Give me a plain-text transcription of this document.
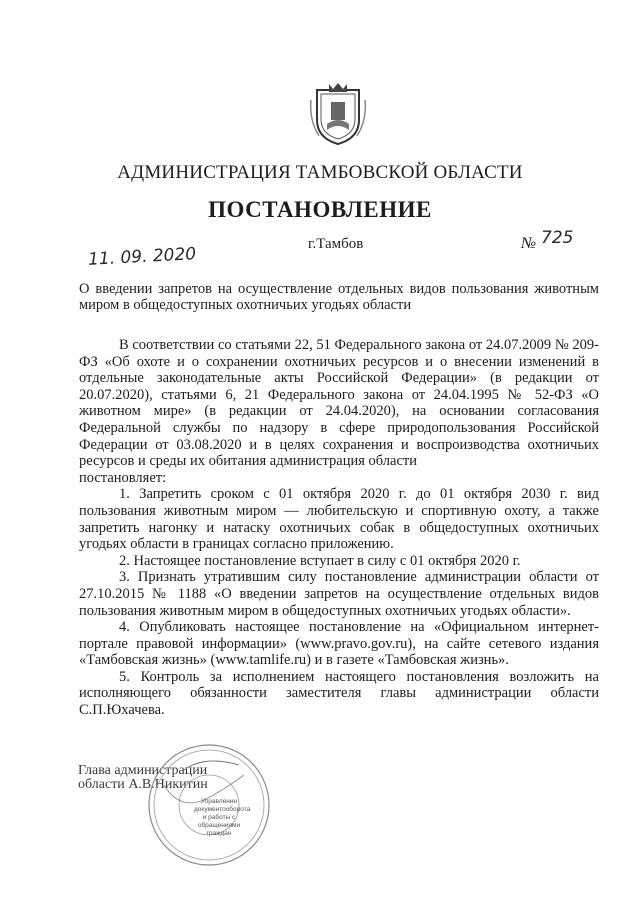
АДМИНИСТРАЦИЯ ТАМБОВСКОЙ ОБЛАСТИ
ПОСТАНОВЛЕНИЕ
11. 09. 2020
г.Тамбов	№ 725
О введении запретов на осуществление отдельных видов пользования животным миром в общедоступных охотничьих угодьях области

В соответствии со статьями 22, 51 Федерального закона от 24.07.2009 № 209-ФЗ «Об охоте и о сохранении охотничьих ресурсов и о внесении изменений в отдельные законодательные акты Российской Федерации» (в редакции от 20.07.2020), статьями 6, 21 Федерального закона от 24.04.1995 № 52-ФЗ «О животном мире» (в редакции от 24.04.2020), на основании согласования Федеральной службы по надзору в сфере природопользования Российской Федерации от 03.08.2020 и в целях сохранения и воспроизводства охотничьих ресурсов и среды их обитания администрация области

постановляет:

1. Запретить сроком с 01 октября 2020 г. до 01 октября 2030 г. вид пользования животным миром — любительскую и спортивную охоту, а также запретить нагонку и натаску охотничьих собак в общедоступных охотничьих угодьях области в границах согласно приложению.

2. Настоящее постановление вступает в силу с 01 октября 2020 г.

3. Признать утратившим силу постановление администрации области от 27.10.2015 № 1188 «О введении запретов на осуществление отдельных видов пользования животным миром в общедоступных охотничьих угодьях области».

4. Опубликовать настоящее постановление на «Официальном интернет-портале правовой информации» (www.pravo.gov.ru), на сайте сетевого издания «Тамбовская жизнь» (www.tamlife.ru) и в газете «Тамбовская жизнь».

5. Контроль за исполнением настоящего постановления возложить на исполняющего обязанности заместителя главы администрации области С.П.Юхачева.

Глава администрации
области А.В.Никитин
Управление документооборота и работы с обращениями граждан
